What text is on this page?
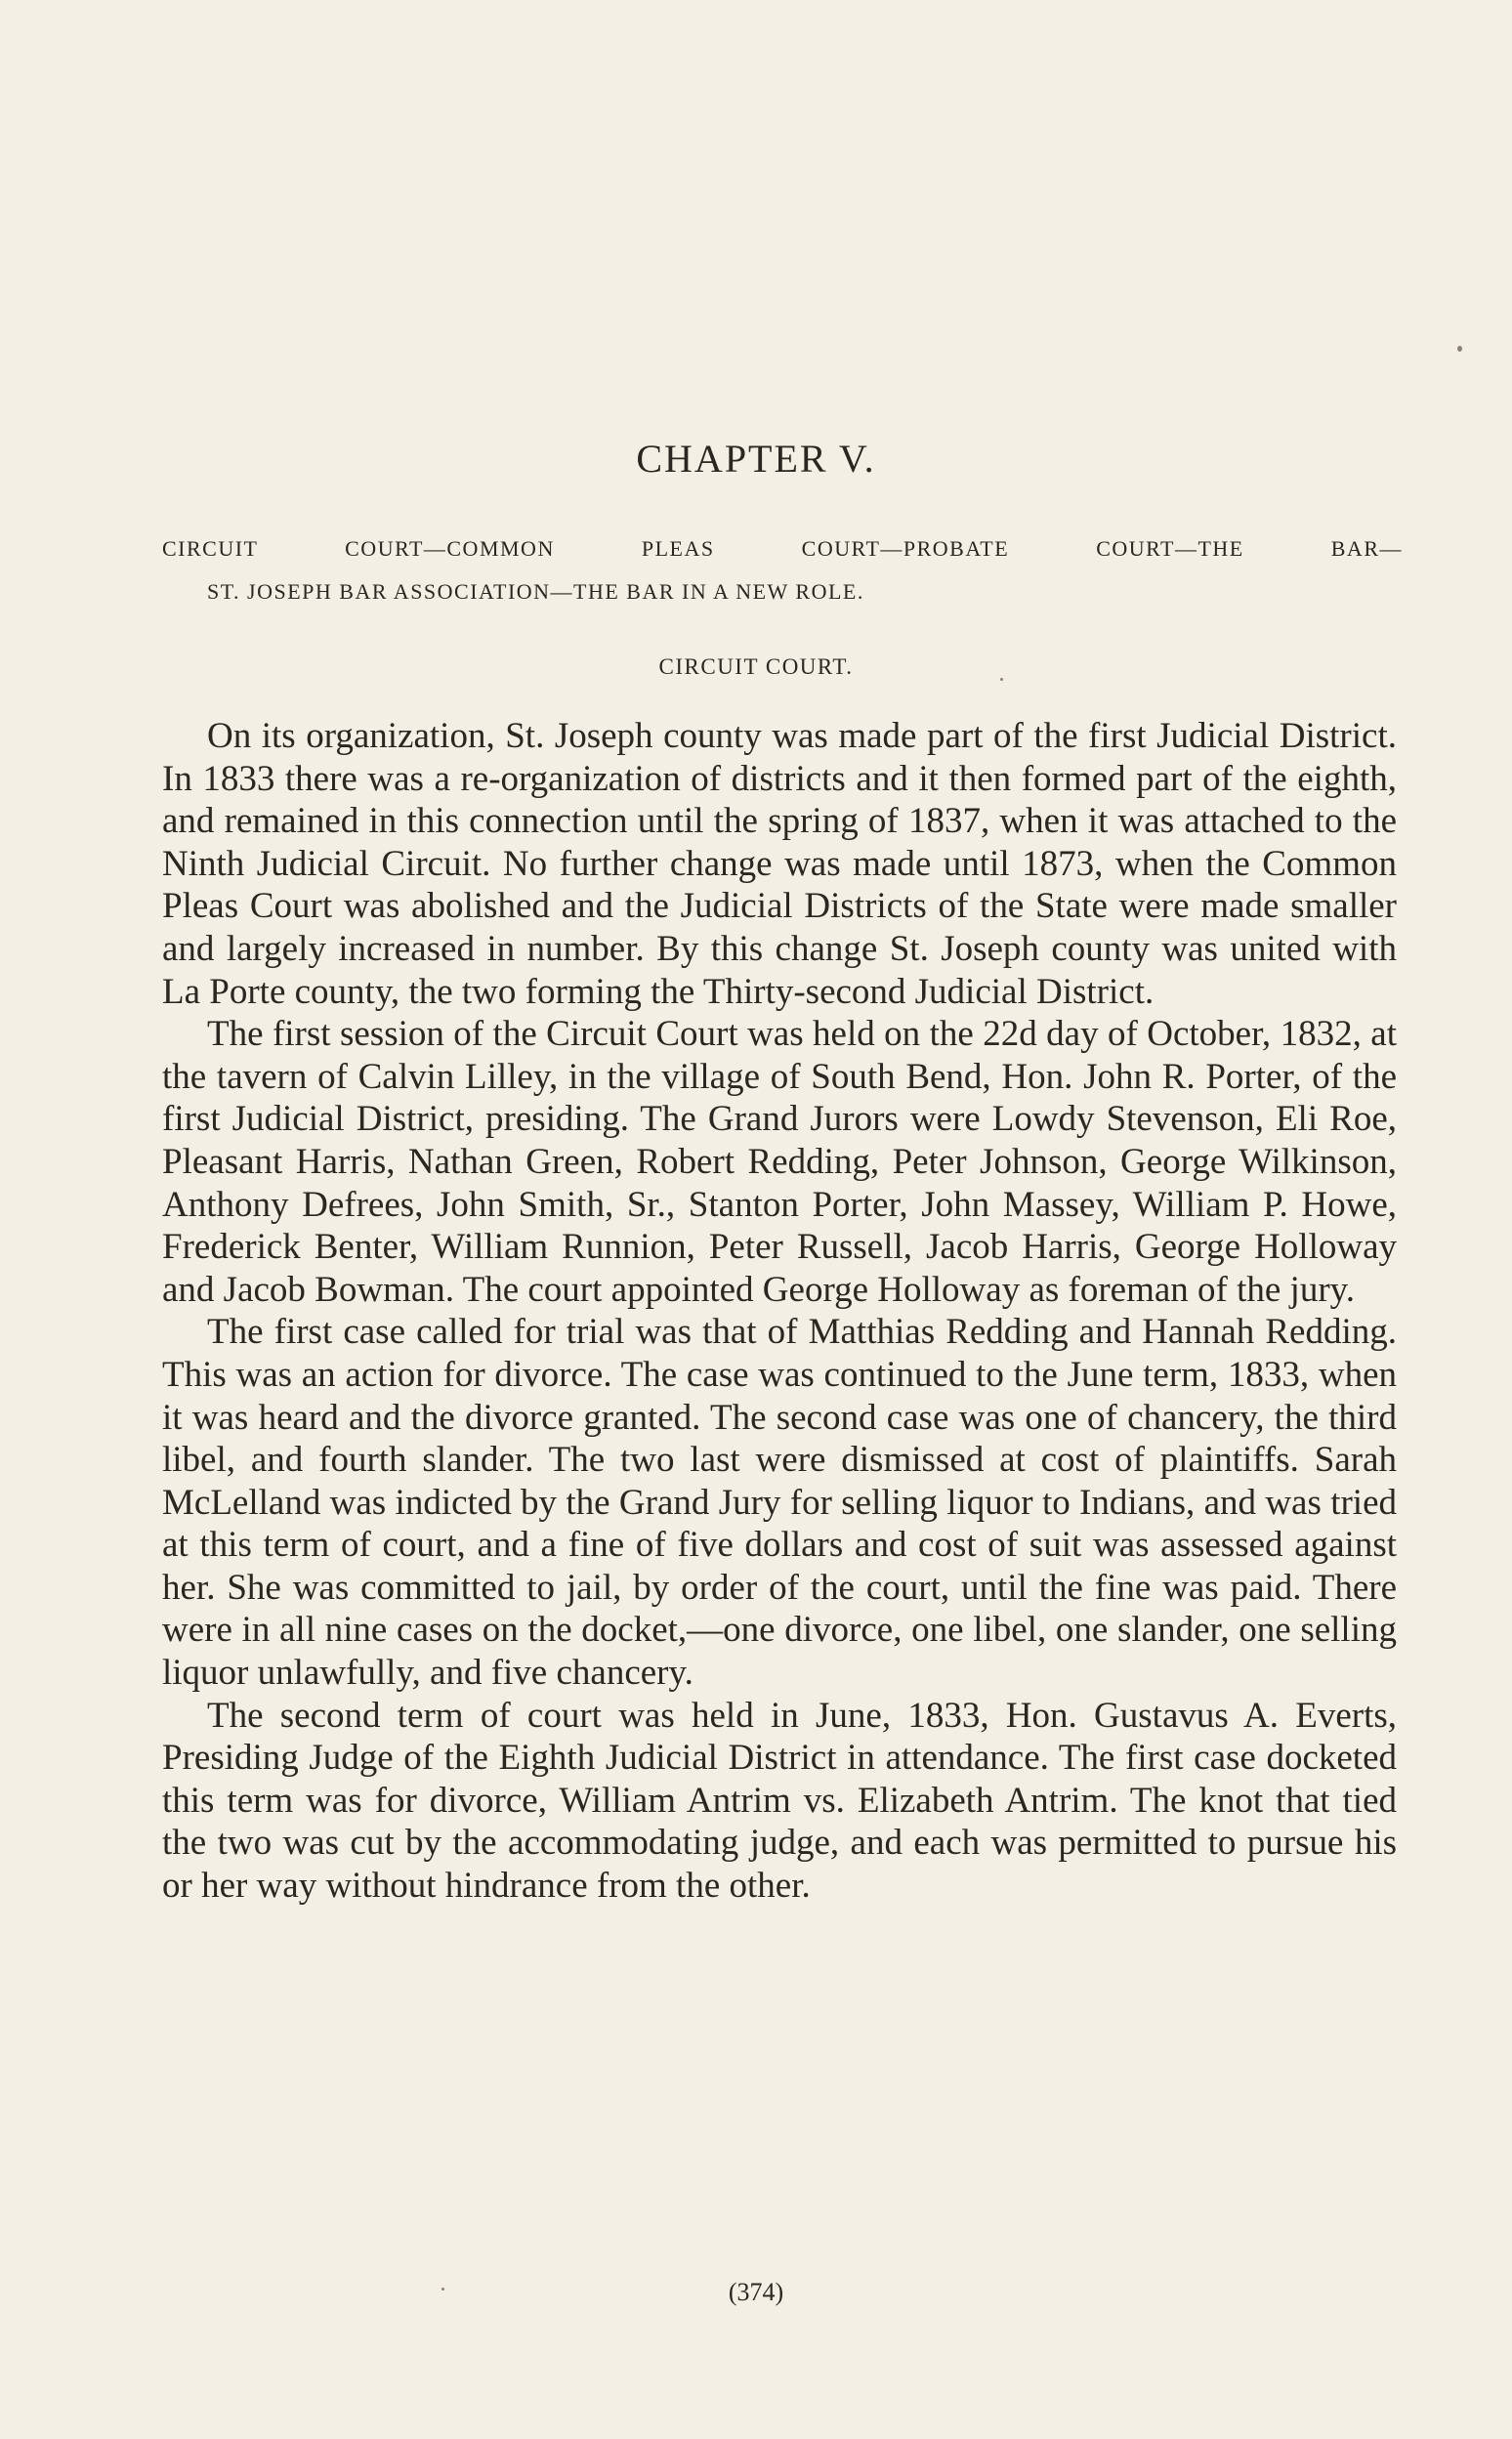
CHAPTER V.
CIRCUIT COURT—COMMON PLEAS COURT—PROBATE COURT—THE BAR—
ST. JOSEPH BAR ASSOCIATION—THE BAR IN A NEW ROLE.
CIRCUIT COURT.

On its organization, St. Joseph county was made part of the first Judicial District. In 1833 there was a re-organization of districts and it then formed part of the eighth, and remained in this connection until the spring of 1837, when it was attached to the Ninth Judicial Circuit. No further change was made until 1873, when the Common Pleas Court was abolished and the Judicial Districts of the State were made smaller and largely increased in number. By this change St. Joseph county was united with La Porte county, the two forming the Thirty-second Judicial District.

The first session of the Circuit Court was held on the 22d day of October, 1832, at the tavern of Calvin Lilley, in the village of South Bend, Hon. John R. Porter, of the first Judicial District, presiding. The Grand Jurors were Lowdy Stevenson, Eli Roe, Pleasant Harris, Nathan Green, Robert Redding, Peter Johnson, George Wilkinson, Anthony Defrees, John Smith, Sr., Stanton Porter, John Massey, William P. Howe, Frederick Benter, William Runnion, Peter Russell, Jacob Harris, George Holloway and Jacob Bowman. The court appointed George Holloway as foreman of the jury.

The first case called for trial was that of Matthias Redding and Hannah Redding. This was an action for divorce. The case was continued to the June term, 1833, when it was heard and the divorce granted. The second case was one of chancery, the third libel, and fourth slander. The two last were dismissed at cost of plaintiffs. Sarah McLelland was indicted by the Grand Jury for selling liquor to Indians, and was tried at this term of court, and a fine of five dollars and cost of suit was assessed against her. She was committed to jail, by order of the court, until the fine was paid. There were in all nine cases on the docket,—one divorce, one libel, one slander, one selling liquor unlawfully, and five chancery.

The second term of court was held in June, 1833, Hon. Gustavus A. Everts, Presiding Judge of the Eighth Judicial District in attendance. The first case docketed this term was for divorce, William Antrim vs. Elizabeth Antrim. The knot that tied the two was cut by the accommodating judge, and each was permitted to pursue his or her way without hindrance from the other.

(374)
